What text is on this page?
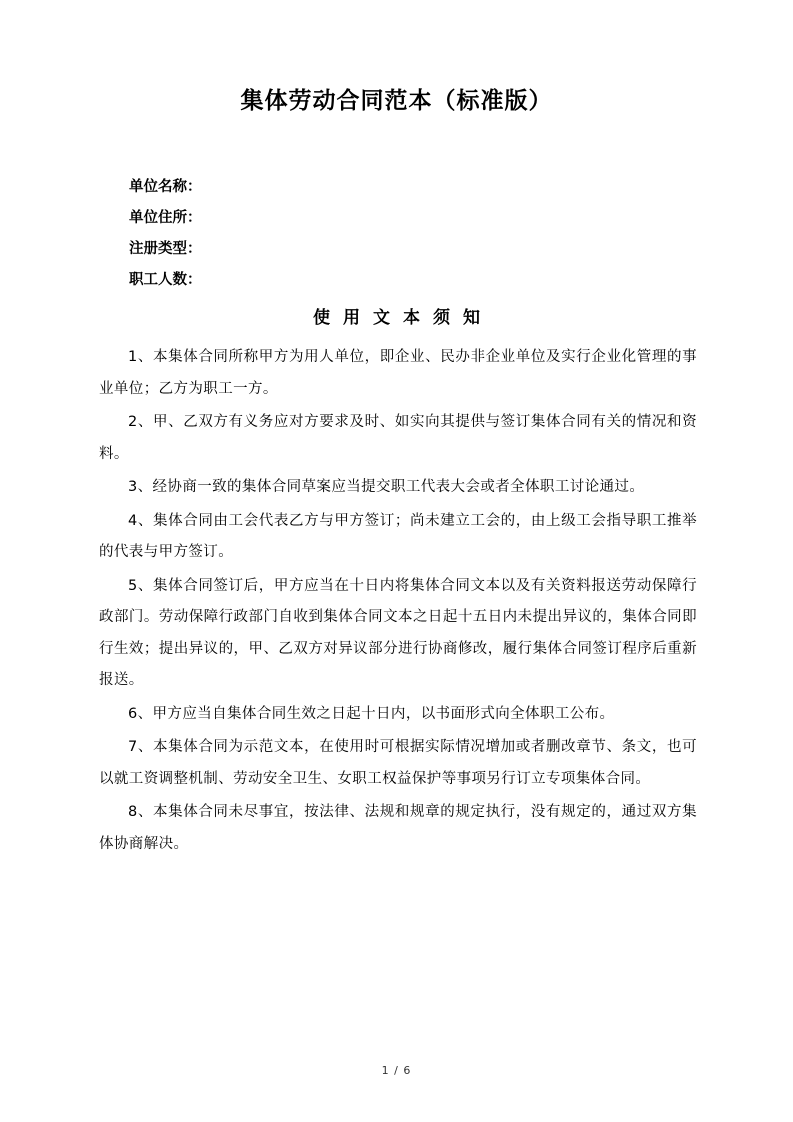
集体劳动合同范本（标准版）
单位名称：
单位住所：
注册类型：
职工人数：
使用文本须知

1、本集体合同所称甲方为用人单位，即企业、民办非企业单位及实行企业化管理的事业单位；乙方为职工一方。

2、甲、乙双方有义务应对方要求及时、如实向其提供与签订集体合同有关的情况和资料。

3、经协商一致的集体合同草案应当提交职工代表大会或者全体职工讨论通过。

4、集体合同由工会代表乙方与甲方签订；尚未建立工会的，由上级工会指导职工推举的代表与甲方签订。

5、集体合同签订后，甲方应当在十日内将集体合同文本以及有关资料报送劳动保障行政部门。劳动保障行政部门自收到集体合同文本之日起十五日内未提出异议的，集体合同即行生效；提出异议的，甲、乙双方对异议部分进行协商修改，履行集体合同签订程序后重新报送。

6、甲方应当自集体合同生效之日起十日内，以书面形式向全体职工公布。

7、本集体合同为示范文本，在使用时可根据实际情况增加或者删改章节、条文，也可以就工资调整机制、劳动安全卫生、女职工权益保护等事项另行订立专项集体合同。

8、本集体合同未尽事宜，按法律、法规和规章的规定执行，没有规定的，通过双方集体协商解决。

1 / 6
